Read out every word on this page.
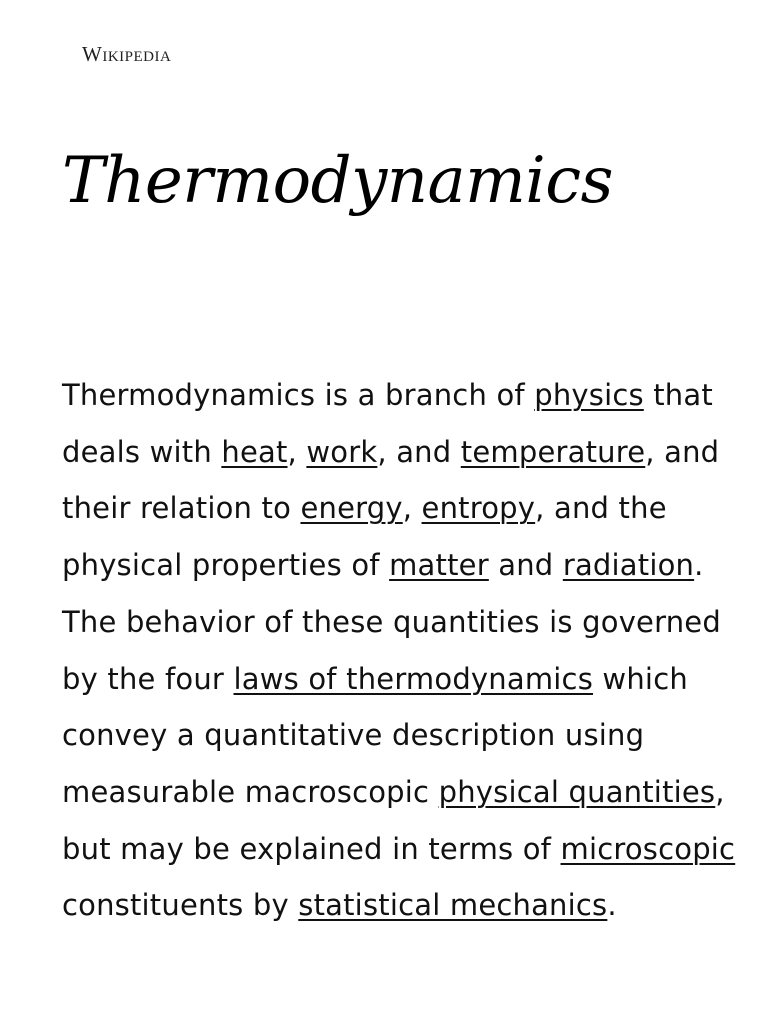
Wikipedia
Thermodynamics
Thermodynamics is a branch of physics that
deals with heat, work, and temperature, and
their relation to energy, entropy, and the
physical properties of matter and radiation.
The behavior of these quantities is governed
by the four laws of thermodynamics which
convey a quantitative description using
measurable macroscopic physical quantities,
but may be explained in terms of microscopic
constituents by statistical mechanics.
